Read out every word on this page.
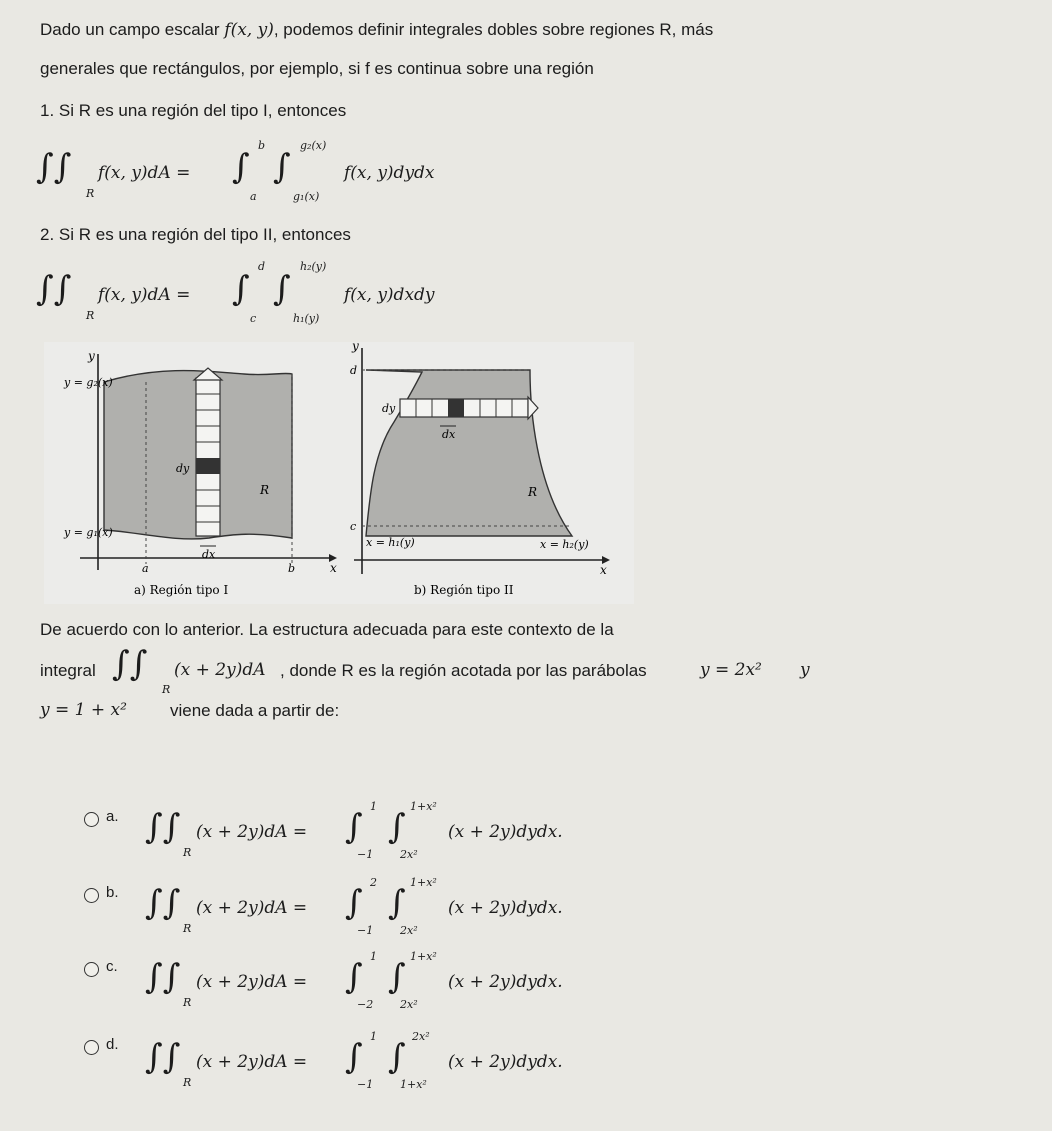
Dado un campo escalar f(x, y), podemos definir integrales dobles sobre regiones R, más
generales que rectángulos, por ejemplo, si f es continua sobre una región
1. Si R es una región del tipo I, entonces
∫∫
R
f(x, y)dA = ∫
b
a
∫
g₂(x)
g₁(x)
f(x, y)dydx
2. Si R es una región del tipo II, entonces
∫∫
R
f(x, y)dA = ∫
d
c
∫
h₂(y)
h₁(y)
f(x, y)dxdy
y
x
y = g₂(x)
y = g₁(x)
a	b
dy
dx
R
a) Región tipo I
y
x
d
c
dy
dx
R
x = h₁(y)	x = h₂(y)
b) Región tipo II
De acuerdo con lo anterior. La estructura adecuada para este contexto de la
integral ∫∫
R
(x + 2y)dA , donde R es la región acotada por las parábolas	y = 2x² y
y = 1 + x²	viene dada a partir de:
a. ∫∫
R
(x + 2y)dA = ∫
1
−1
∫
1+x²
2x²
(x + 2y)dydx.
b. ∫∫
R
(x + 2y)dA = ∫
2
−1
∫
1+x²
2x²
(x + 2y)dydx.
c. ∫∫
R
(x + 2y)dA = ∫
1
−2
∫
1+x²
2x²
(x + 2y)dydx.
d. ∫∫
R
(x + 2y)dA = ∫
1
−1
∫
2x²
1+x²
(x + 2y)dydx.
